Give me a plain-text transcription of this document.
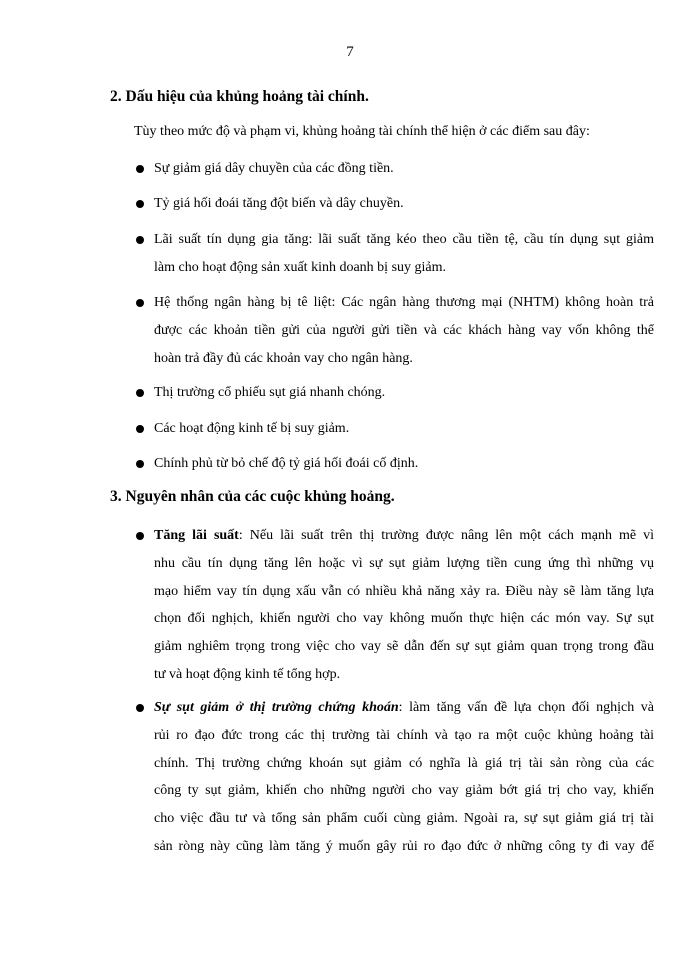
7
2. Dấu hiệu của khủng hoảng tài chính.
Tùy theo mức độ và phạm vi, khủng hoảng tài chính thể hiện ở các điểm sau đây:
Sự giảm giá dây chuyền của các đồng tiền.
Tỷ giá hối đoái tăng đột biến và dây chuyền.
Lãi suất tín dụng gia tăng: lãi suất tăng kéo theo cầu tiền tệ, cầu tín dụng sụt giảm
làm cho hoạt động sản xuất kinh doanh bị suy giảm.
Hệ thống ngân hàng bị tê liệt: Các ngân hàng thương mại (NHTM) không hoàn trả
được các khoản tiền gửi của người gửi tiền và các khách hàng vay vốn không thể
hoàn trả đầy đủ các khoản vay cho ngân hàng.
Thị trường cổ phiếu sụt giá nhanh chóng.
Các hoạt động kinh tế bị suy giảm.
Chính phủ từ bỏ chế độ tỷ giá hối đoái cố định.
3. Nguyên nhân của các cuộc khủng hoảng.
Tăng lãi suất: Nếu lãi suất trên thị trường được nâng lên một cách mạnh mẽ vì
nhu cầu tín dụng tăng lên hoặc vì sự sụt giảm lượng tiền cung ứng thì những vụ
mạo hiểm vay tín dụng xấu vẫn có nhiều khả năng xảy ra. Điều này sẽ làm tăng lựa
chọn đối nghịch, khiến người cho vay không muốn thực hiện các món vay. Sự sụt
giảm nghiêm trọng trong việc cho vay sẽ dẫn đến sự sụt giảm quan trọng trong đầu
tư và hoạt động kinh tế tổng hợp.
Sự sụt giảm ở thị trường chứng khoán: làm tăng vấn đề lựa chọn đối nghịch và
rủi ro đạo đức trong các thị trường tài chính và tạo ra một cuộc khủng hoảng tài
chính. Thị trường chứng khoán sụt giảm có nghĩa là giá trị tài sản ròng của các
công ty sụt giảm, khiến cho những người cho vay giảm bớt giá trị cho vay, khiến
cho việc đầu tư và tổng sản phẩm cuối cùng giảm. Ngoài ra, sự sụt giảm giá trị tài
sản ròng này cũng làm tăng ý muốn gây rủi ro đạo đức ở những công ty đi vay để
